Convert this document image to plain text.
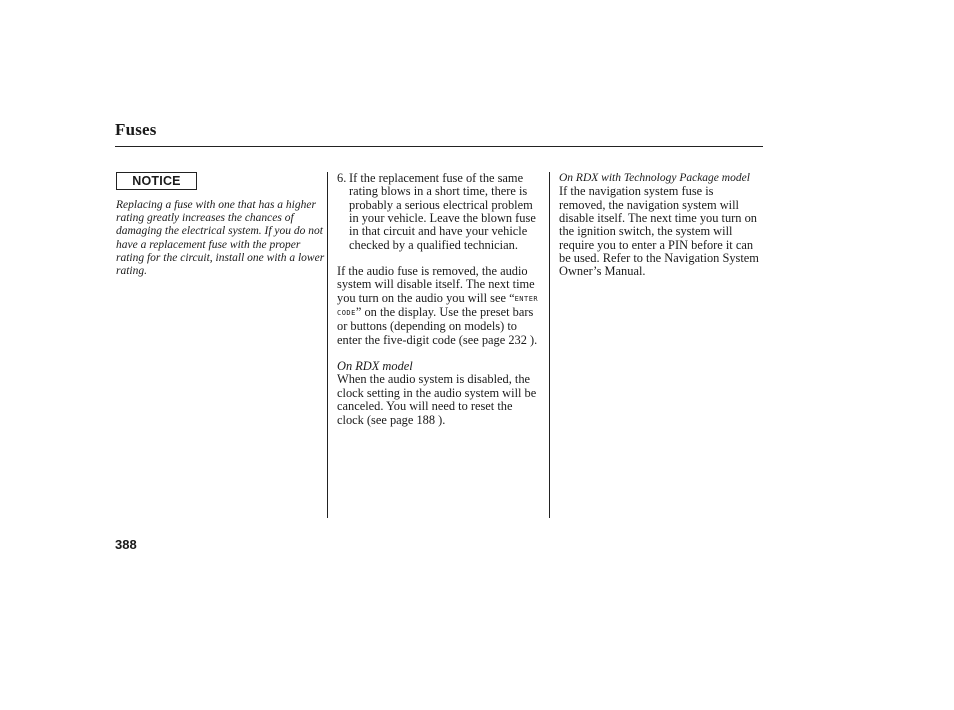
Fuses
NOTICE
Replacing a fuse with one that has a higher rating greatly increases the chances of damaging the electrical system. If you do not have a replacement fuse with the proper rating for the circuit, install one with a lower rating.
6. If the replacement fuse of the same rating blows in a short time, there is probably a serious electrical problem in your vehicle. Leave the blown fuse in that circuit and have your vehicle checked by a qualified technician.

If the audio fuse is removed, the audio system will disable itself. The next time you turn on the audio you will see “ENTER CODE” on the display. Use the preset bars or buttons (depending on models) to enter the five-digit code (see page 232 ).

On RDX model

When the audio system is disabled, the clock setting in the audio system will be canceled. You will need to reset the clock (see page 188 ).

On RDX with Technology Package model

If the navigation system fuse is removed, the navigation system will disable itself. The next time you turn on the ignition switch, the system will require you to enter a PIN before it can be used. Refer to the Navigation System Owner’s Manual.

388
